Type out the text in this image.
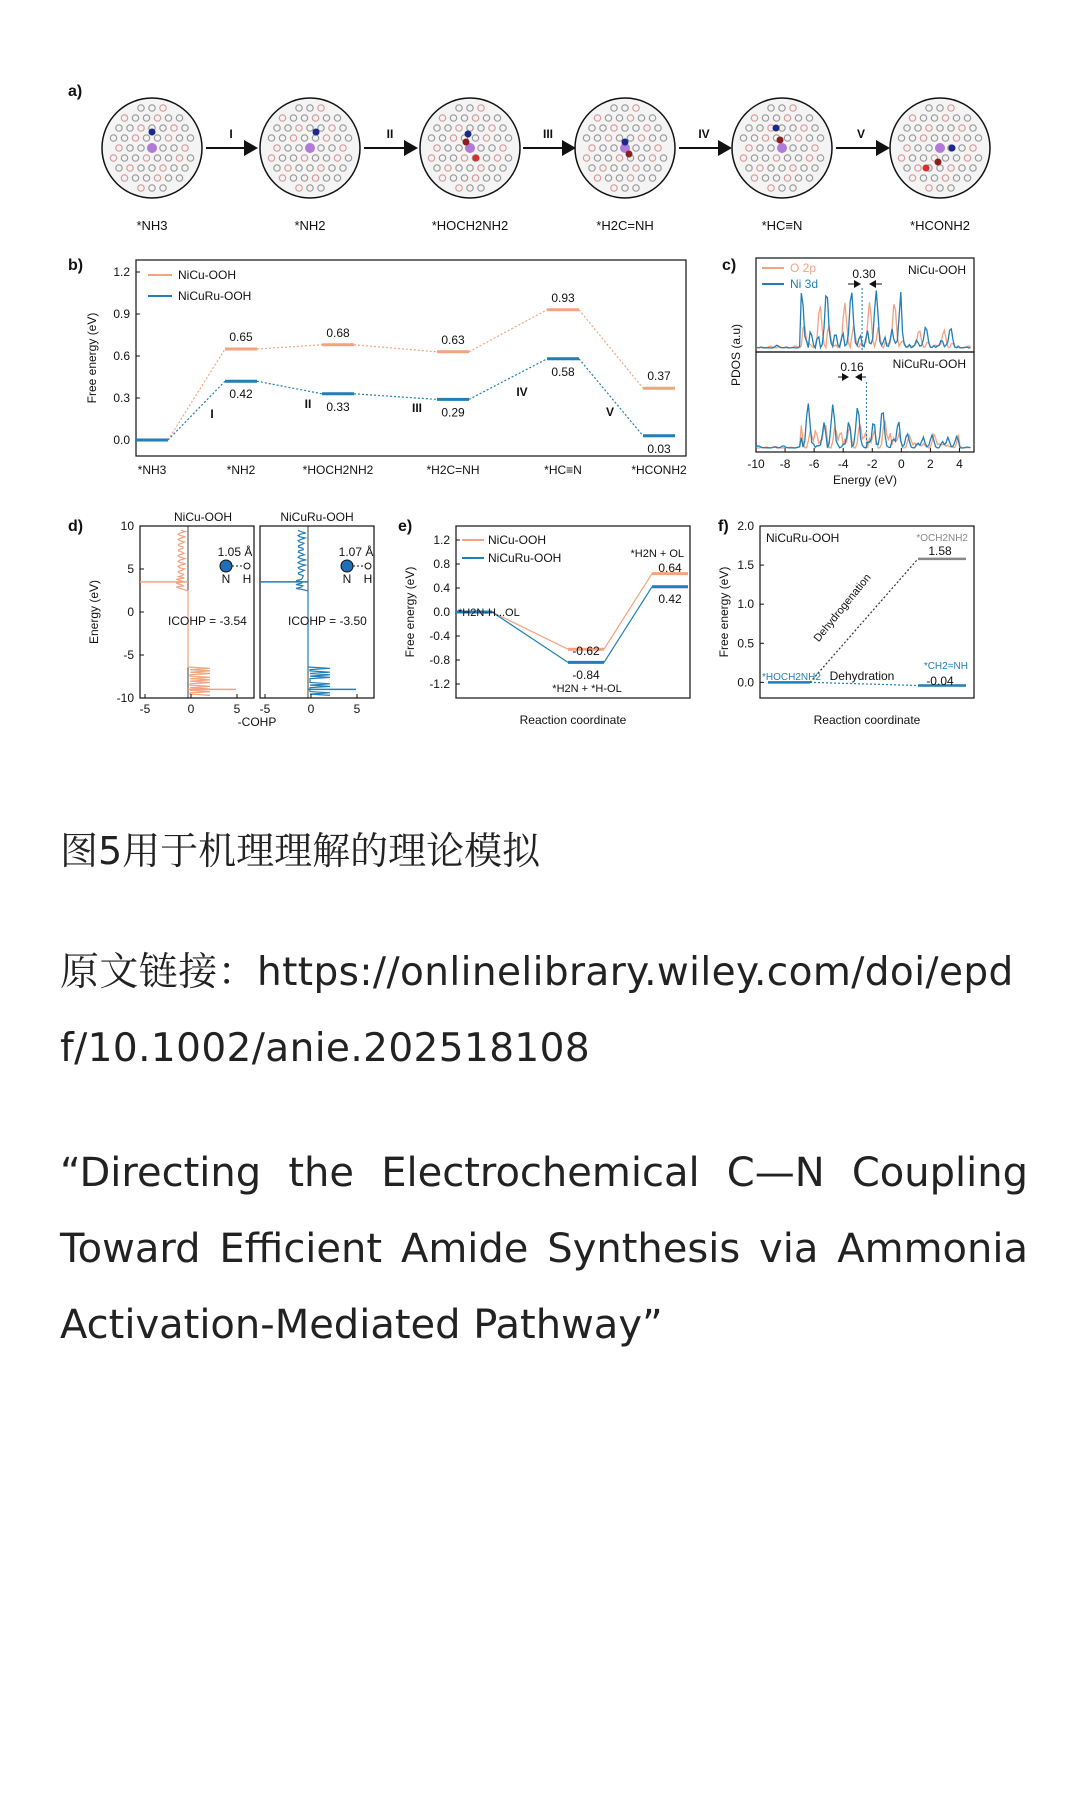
a)
*NH3	*NH2	*HOCH2NH2	*H2C=NH	*HC≡N	*HCONH2
I	II	III	IV	V
b)
Free energy (eV)
1.2
0.9
0.6
0.3
0.0
0.65	0.68	0.63
0.93
0.37
0.42
0.33	0.29
0.58
0.03
*NH3	*NH2	*HOCH2NH2	*H2C=NH	*HC≡N	*HCONH2
I
II	III
IV
V
NiCu-OOH
NiCuRu-OOH
c)
PDOS (a.u)
O 2p
Ni 3d
NiCu-OOH
NiCuRu-OOH
0.30
0.16
-10 -8 -6 -4 -2 0 2 4
Energy (eV)
d)
NiCu-OOH	NiCuRu-OOH
Energy (eV)
10
5
0
-5
-10
1.05 Å	1.07 Å
N H	N H
ICOHP = -3.54	ICOHP = -3.50
-5	0	5 -5	0	5
-COHP
e)
Free energy (eV)
1.2
0.8
0.4
0.0
-0.4
-0.8
-1.2
NiCu-OOH
NiCuRu-OOH
*H2N-H...OL
*H2N + *H-OL
*H2N + OL
-0.62
-0.84
0.64
0.42
Reaction coordinate
f)
Free energy (eV)
2.0
1.5
1.0
0.5
0.0
NiCuRu-OOH
*HOCH2NH2
*OCH2NH2
1.58
*CH2=NH
-0.04
Dehydrogenation
Dehydration
Reaction coordinate
图5用于机理理解的理论模拟
原文链接：https://onlinelibrary.wiley.com/doi/epdf/10.1002/anie.202518108
“Directing the Electrochemical C—N Coupling Toward Efficient Amide Synthesis via Ammonia Activation-Mediated Pathway”
